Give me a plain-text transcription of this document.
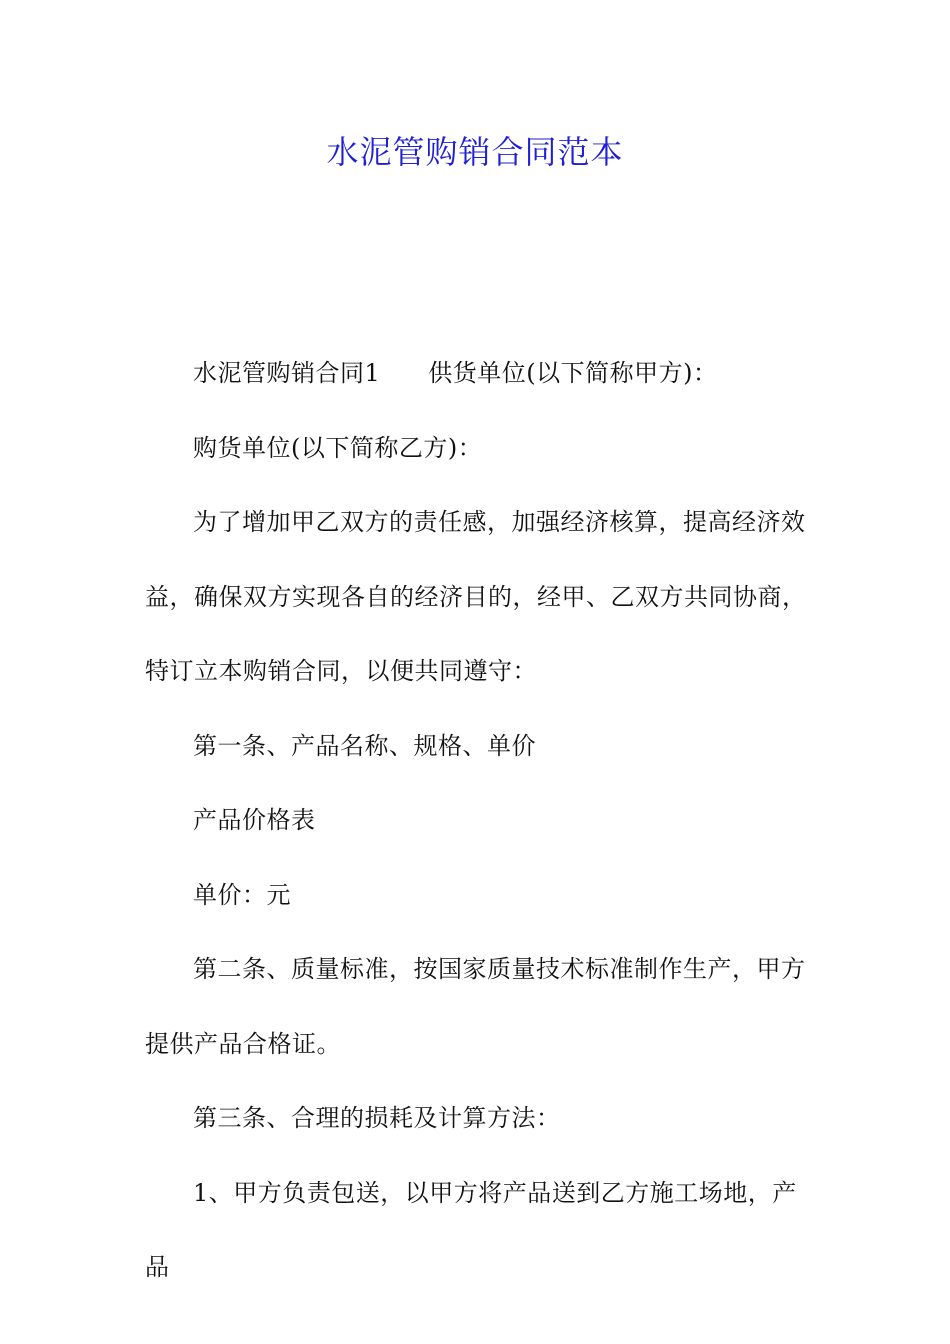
水泥管购销合同范本

水泥管购销合同1 供货单位(以下简称甲方)：

购货单位(以下简称乙方)：

为了增加甲乙双方的责任感，加强经济核算，提高经济效益，确保双方实现各自的经济目的，经甲、乙双方共同协商，特订立本购销合同，以便共同遵守：

第一条、产品名称、规格、单价

产品价格表

单价：元

第二条、质量标准，按国家质量技术标准制作生产，甲方提供产品合格证。

第三条、合理的损耗及计算方法：

1、甲方负责包送，以甲方将产品送到乙方施工场地，产品
